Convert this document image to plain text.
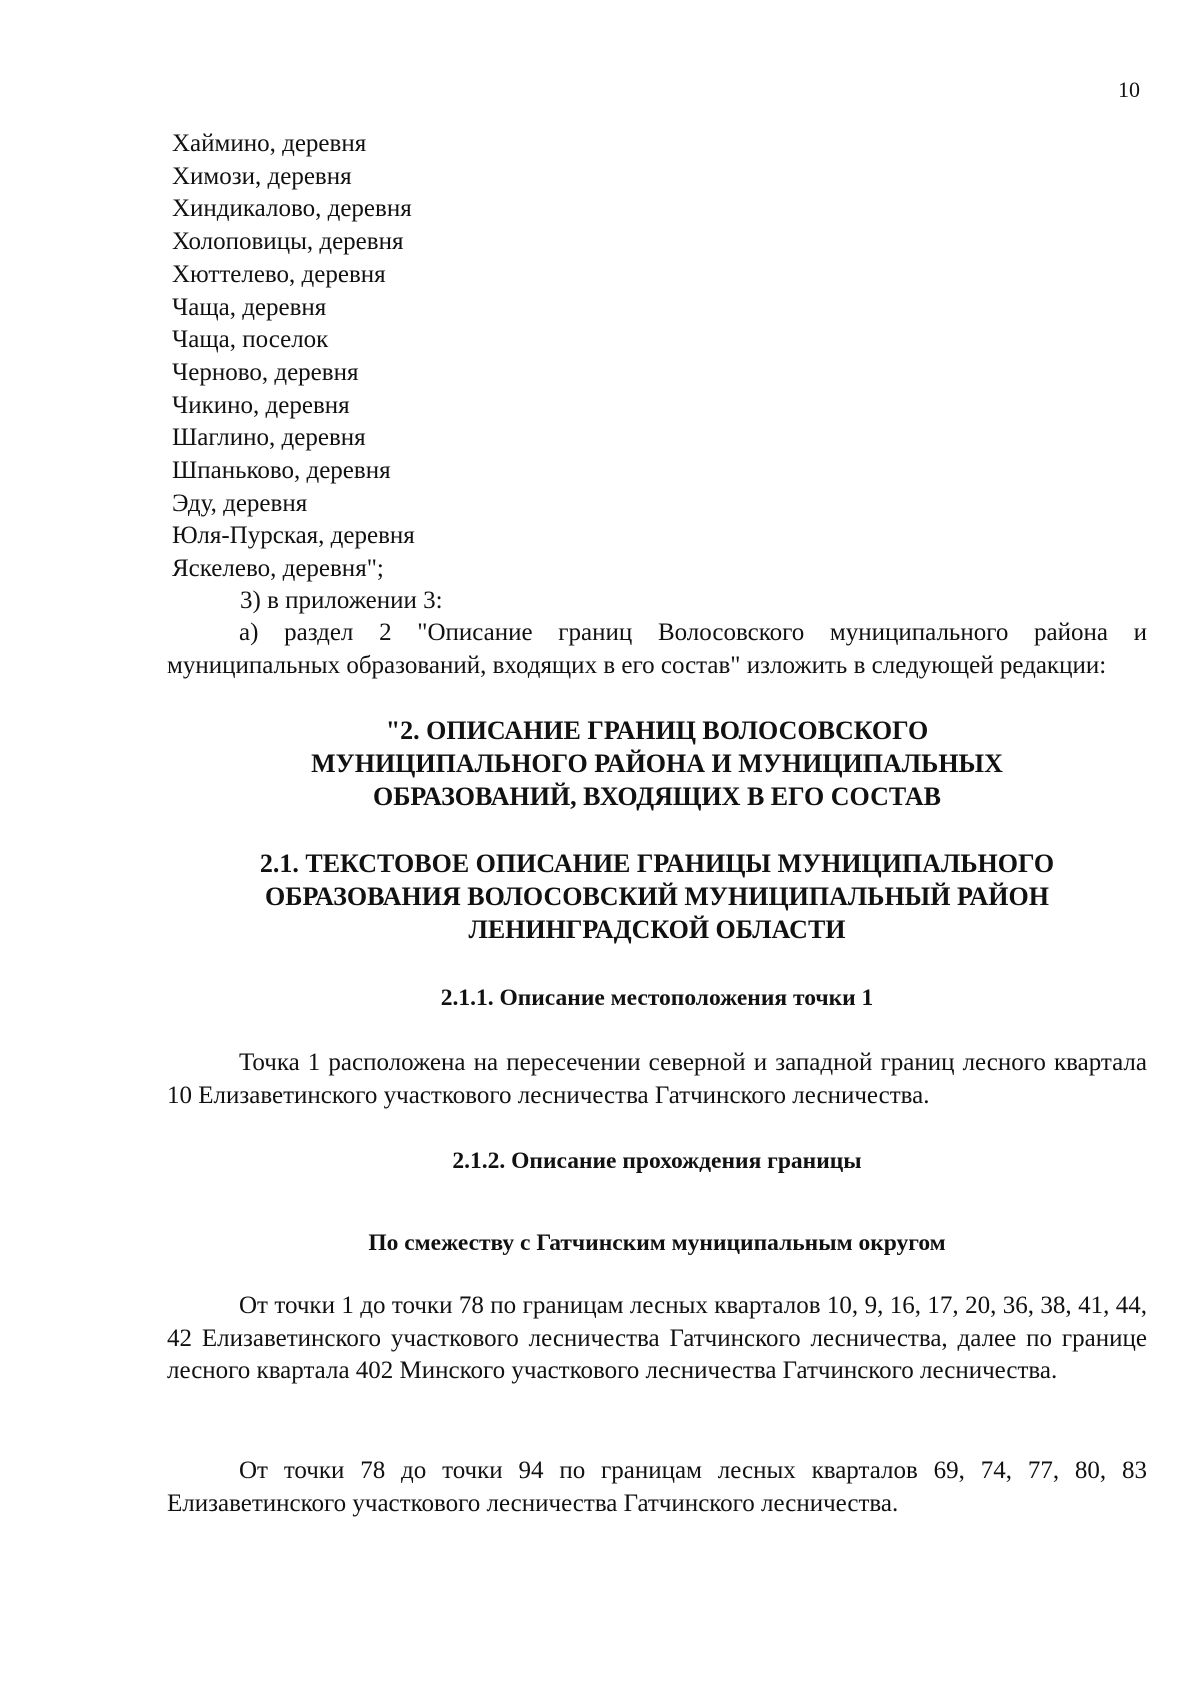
10
Хаймино, деревня
Химози, деревня
Хиндикалово, деревня
Холоповицы, деревня
Хюттелево, деревня
Чаща, деревня
Чаща, поселок
Черново, деревня
Чикино, деревня
Шаглино, деревня
Шпаньково, деревня
Эду, деревня
Юля-Пурская, деревня
Яскелево, деревня";
3) в приложении 3:
а) раздел 2 "Описание границ Волосовского муниципального района и муниципальных образований, входящих в его состав" изложить в следующей редакции:
"2. ОПИСАНИЕ ГРАНИЦ ВОЛОСОВСКОГО
МУНИЦИПАЛЬНОГО РАЙОНА И МУНИЦИПАЛЬНЫХ
ОБРАЗОВАНИЙ, ВХОДЯЩИХ В ЕГО СОСТАВ
2.1. ТЕКСТОВОЕ ОПИСАНИЕ ГРАНИЦЫ МУНИЦИПАЛЬНОГО
ОБРАЗОВАНИЯ ВОЛОСОВСКИЙ МУНИЦИПАЛЬНЫЙ РАЙОН
ЛЕНИНГРАДСКОЙ ОБЛАСТИ
2.1.1. Описание местоположения точки 1
Точка 1 расположена на пересечении северной и западной границ лесного квартала 10 Елизаветинского участкового лесничества Гатчинского лесничества.
2.1.2. Описание прохождения границы
По смежеству с Гатчинским муниципальным округом
От точки 1 до точки 78 по границам лесных кварталов 10, 9, 16, 17, 20, 36, 38, 41, 44, 42 Елизаветинского участкового лесничества Гатчинского лесничества, далее по границе лесного квартала 402 Минского участкового лесничества Гатчинского лесничества.
От точки 78 до точки 94 по границам лесных кварталов 69, 74, 77, 80, 83 Елизаветинского участкового лесничества Гатчинского лесничества.
